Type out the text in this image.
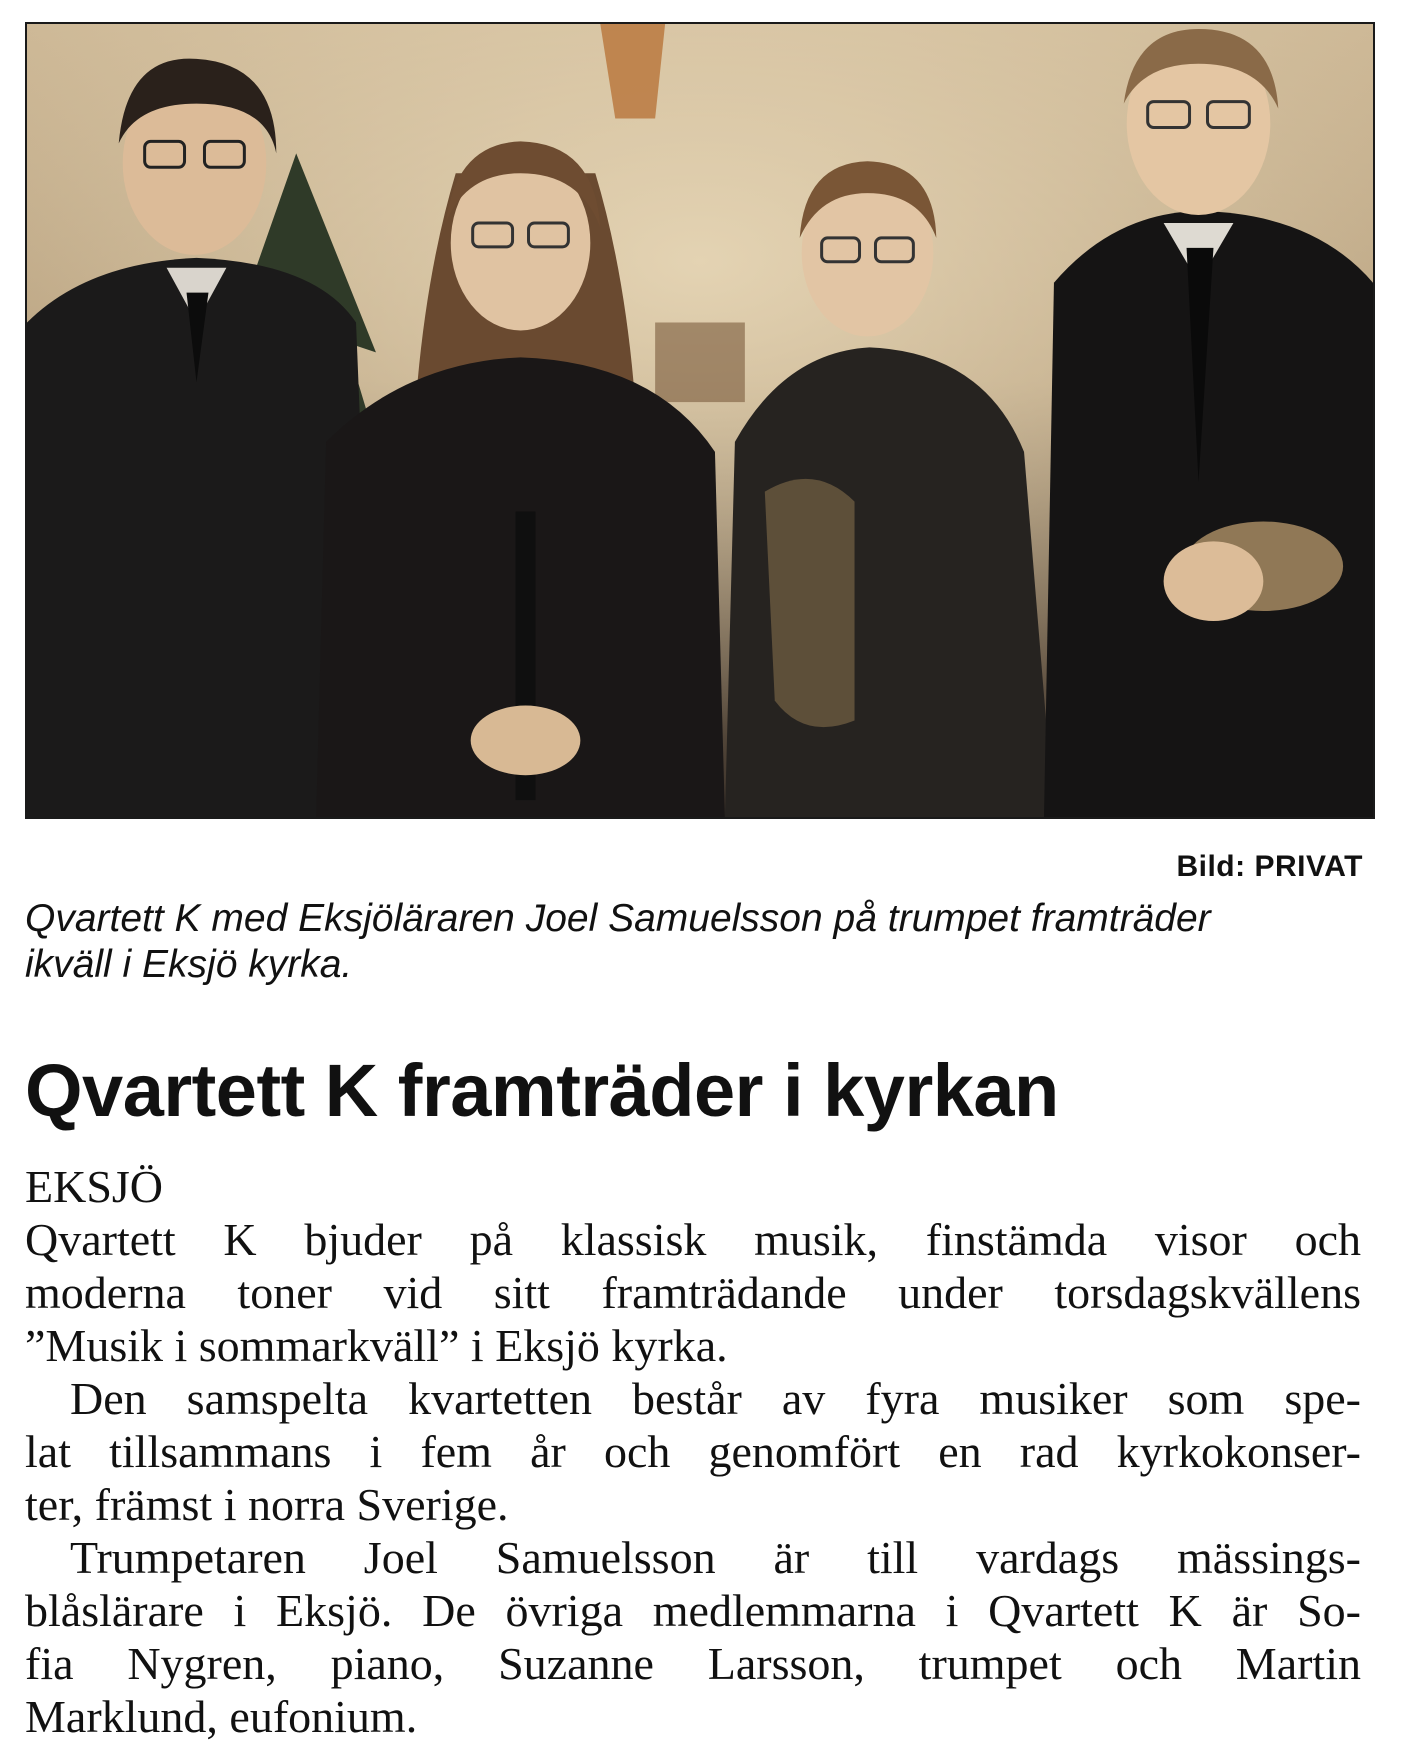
Bild: PRIVAT
Qvartett K med Eksjöläraren Joel Samuelsson på trumpet framträder
ikväll i Eksjö kyrka.
Qvartett K framträder i kyrkan
EKSJÖ
Qvartett K bjuder på klassisk musik, finstämda visor och
moderna toner vid sitt framträdande under torsdagskvällens
”Musik i sommarkväll” i Eksjö kyrka.
Den samspelta kvartetten består av fyra musiker som spe-
lat tillsammans i fem år och genomfört en rad kyrkokonser-
ter, främst i norra Sverige.
Trumpetaren Joel Samuelsson är till vardags mässings-
blåslärare i Eksjö. De övriga medlemmarna i Qvartett K är So-
fia Nygren, piano, Suzanne Larsson, trumpet och Martin
Marklund, eufonium.
